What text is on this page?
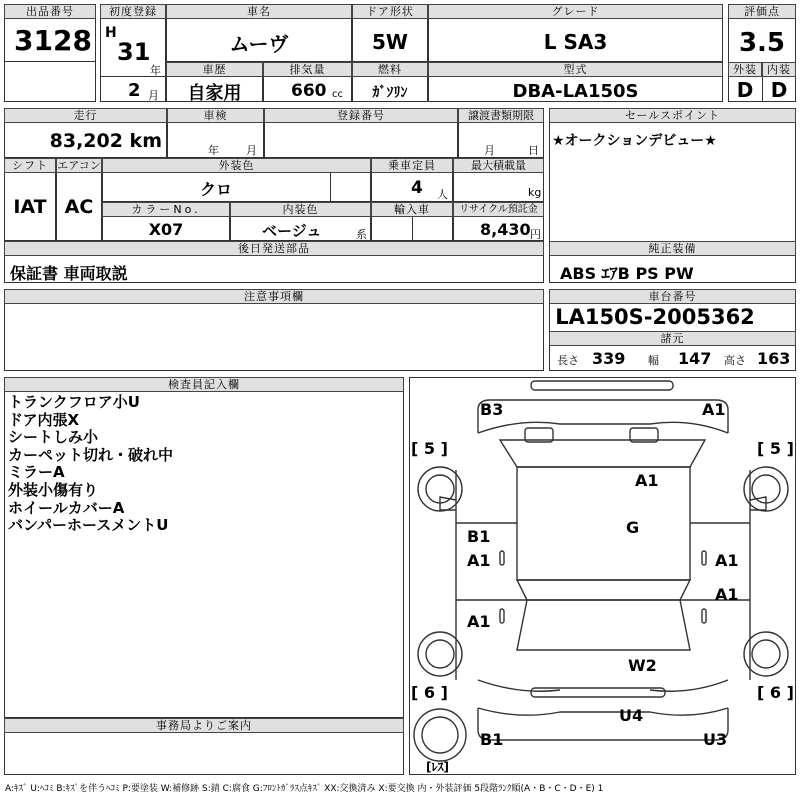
出品番号
3128
初度登録
H
31
年
2 月
車名
ムーヴ
ドア形状
5W
グレード
L SA3
評価点
3.5
外装 内装
D D
車歴
自家用
排気量
660 cc
燃料
ｶﾞｿﾘﾝ
型式
DBA-LA150S
走行
83,202 km
車検
年 月
登録番号	譲渡書類期限
月	日
セールスポイント
★オークションデビュー★
シフト
IAT
エアコン
AC
外装色
クロ
乗車定員
4 人
最大積載量
kg
カラーNo.
X07
内装色
ベージュ	系
輸入車	リサイクル預託金
8,430 円
後日発送部品
保証書 車両取説
純正装備
ABS ｴｱB PS PW
注意事項欄	車台番号
LA150S-2005362
諸元
長さ 339 幅 147 高さ 163
検査員記入欄
トランクフロア小U
ドア内張X
シートしみ小
カーペット切れ・破れ中
ミラーA
外装小傷有り
ホイールカバーA
バンパーホースメントU
事務局よりご案内
B3	A1
A1
G
B1
A1	A1
A1
A1
W2
U4
B1	U3
[ 5 ]	[ 5 ]
[ 6 ]	[ 6 ]
[ﾚｽ]
A:ｷｽﾞ U:ﾍｺﾐ B:ｷｽﾞを伴うﾍｺﾐ P:要塗装 W:補修跡 S:錆 C:腐食 G:ﾌﾛﾝﾄｶﾞﾗｽ点ｷｽﾞ XX:交換済み X:要交換 内・外装評価 5段階ﾗﾝｸ順(A・B・C・D・E) 1
